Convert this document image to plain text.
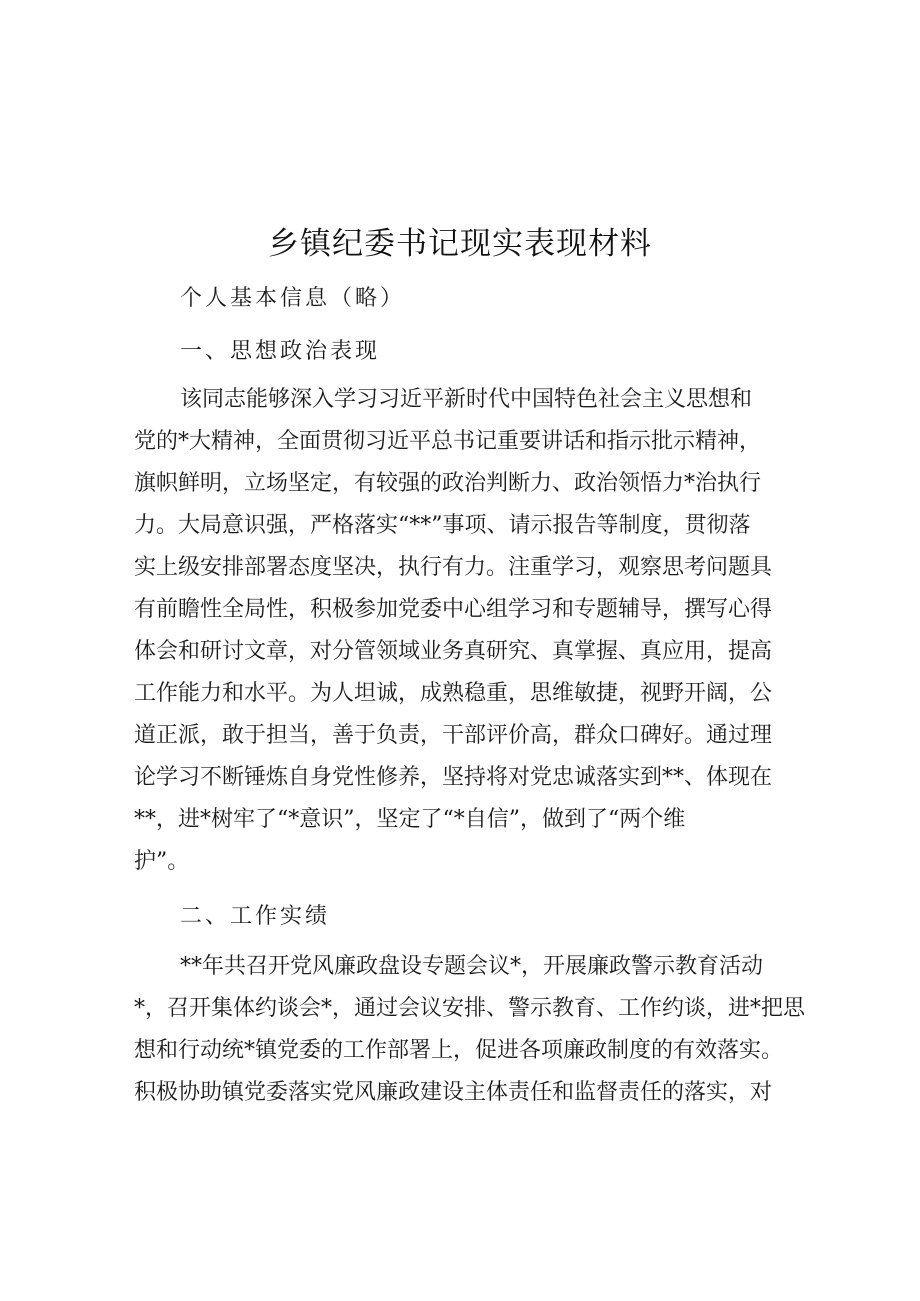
乡镇纪委书记现实表现材料
个人基本信息（略）
一、思想政治表现
该同志能够深入学习习近平新时代中国特色社会主义思想和
党的*大精神，全面贯彻习近平总书记重要讲话和指示批示精神，
旗帜鲜明，立场坚定，有较强的政治判断力、政治领悟力*治执行
力。大局意识强，严格落实“**”事项、请示报告等制度，贯彻落
实上级安排部署态度坚决，执行有力。注重学习，观察思考问题具
有前瞻性全局性，积极参加党委中心组学习和专题辅导，撰写心得
体会和研讨文章，对分管领域业务真研究、真掌握、真应用，提高
工作能力和水平。为人坦诚，成熟稳重，思维敏捷，视野开阔，公
道正派，敢于担当，善于负责，干部评价高，群众口碑好。通过理
论学习不断锤炼自身党性修养，坚持将对党忠诚落实到**、体现在
**，进*树牢了“*意识”，坚定了“*自信”，做到了“两个维
护”。
二、工作实绩
**年共召开党风廉政盘设专题会议*，开展廉政警示教育活动
*，召开集体约谈会*，通过会议安排、警示教育、工作约谈，进*把思
想和行动统*镇党委的工作部署上，促进各项廉政制度的有效落实。
积极协助镇党委落实党风廉政建设主体责任和监督责任的落实，对
